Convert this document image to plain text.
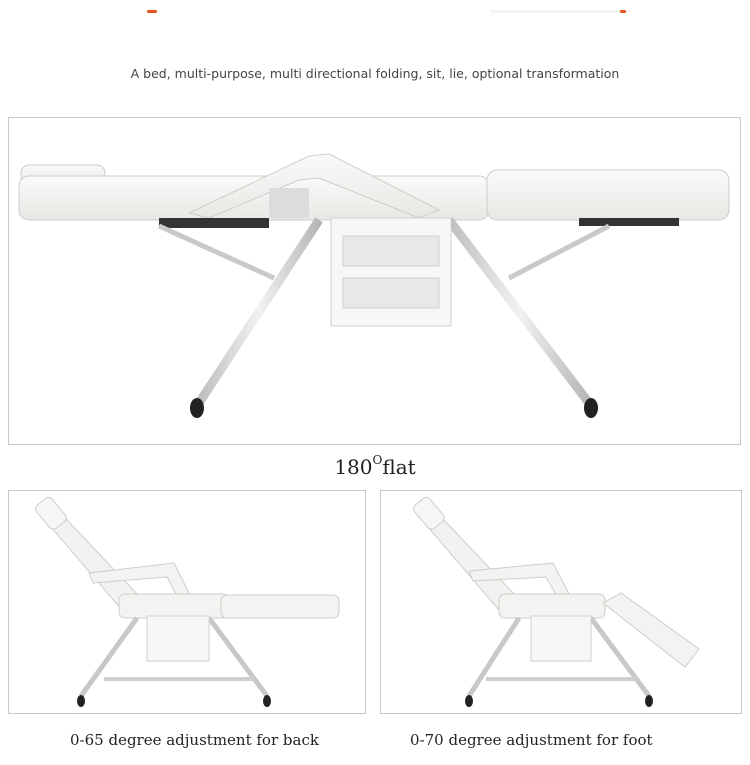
A bed, multi-purpose, multi directional folding, sit, lie, optional transformation
$180^Oflat$
0-65 degree adjustment for back	0-70 degree adjustment for foot
